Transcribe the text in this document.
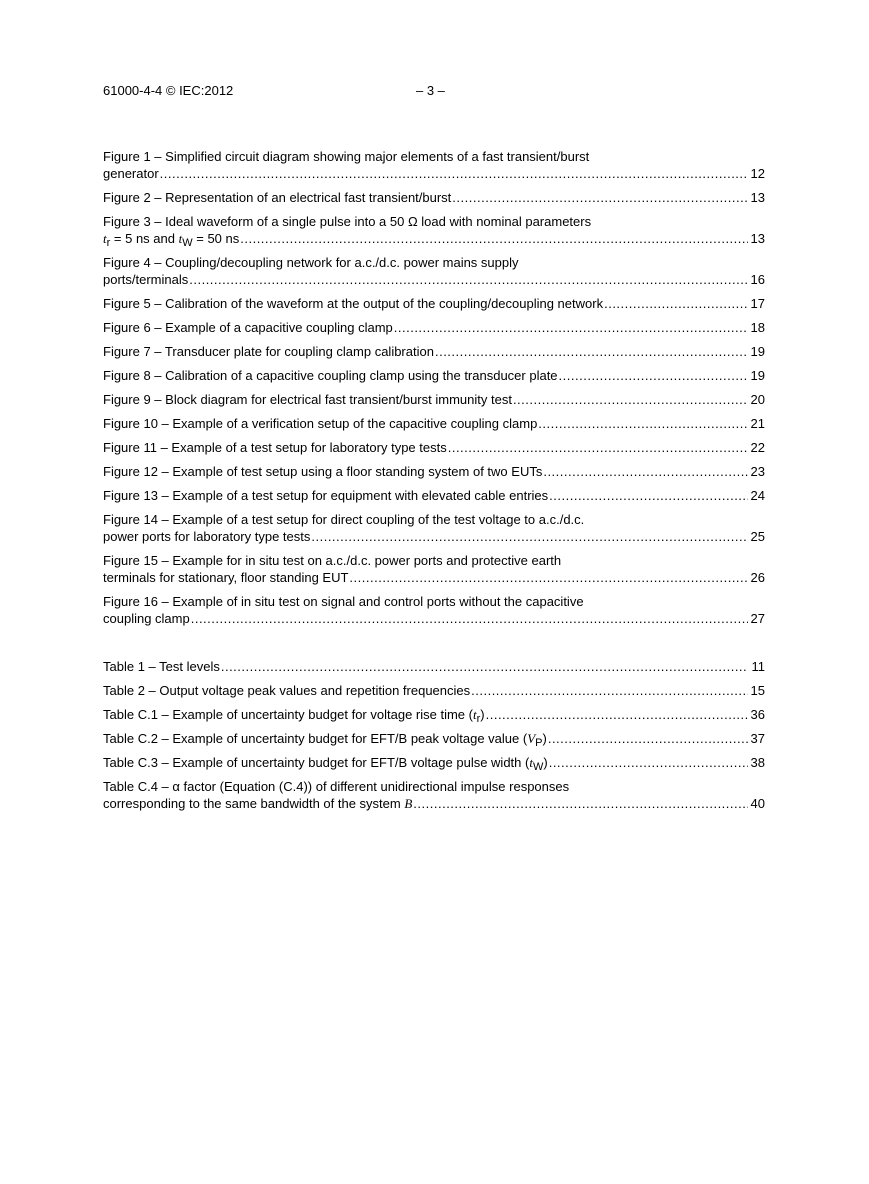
61000-4-4 © IEC:2012	– 3 –
Figure 1 – Simplified circuit diagram showing major elements of a fast transient/burst
generator .....	12
Figure 2 – Representation of an electrical fast transient/burst .....	13
Figure 3 – Ideal waveform of a single pulse into a 50 Ω load with nominal parameters
$t_r = 5$ ns and $t_W = 50$ ns .....	13
Figure 4 – Coupling/decoupling network for a.c./d.c. power mains supply
ports/terminals .....	16
Figure 5 – Calibration of the waveform at the output of the coupling/decoupling network .....	17
Figure 6 – Example of a capacitive coupling clamp .....	18
Figure 7 – Transducer plate for coupling clamp calibration .....	19
Figure 8 – Calibration of a capacitive coupling clamp using the transducer plate .....	19
Figure 9 – Block diagram for electrical fast transient/burst immunity test .....	20
Figure 10 – Example of a verification setup of the capacitive coupling clamp .....	21
Figure 11 – Example of a test setup for laboratory type tests .....	22
Figure 12 – Example of test setup using a floor standing system of two EUTs .....	23
Figure 13 – Example of a test setup for equipment with elevated cable entries .....	24
Figure 14 – Example of a test setup for direct coupling of the test voltage to a.c./d.c.
power ports for laboratory type tests .....	25
Figure 15 – Example for in situ test on a.c./d.c. power ports and protective earth
terminals for stationary, floor standing EUT .....	26
Figure 16 – Example of in situ test on signal and control ports without the capacitive
coupling clamp .....	27
Table 1 – Test levels .....	11
Table 2 – Output voltage peak values and repetition frequencies .....	15
Table C.1 – Example of uncertainty budget for voltage rise time $(t_r)$ .....	36
Table C.2 – Example of uncertainty budget for EFT/B peak voltage value $(V_P)$ .....	37
Table C.3 – Example of uncertainty budget for EFT/B voltage pulse width $(t_W)$ .....	38
Table C.4 – α factor (Equation (C.4)) of different unidirectional impulse responses
corresponding to the same bandwidth of the system B .....	40
